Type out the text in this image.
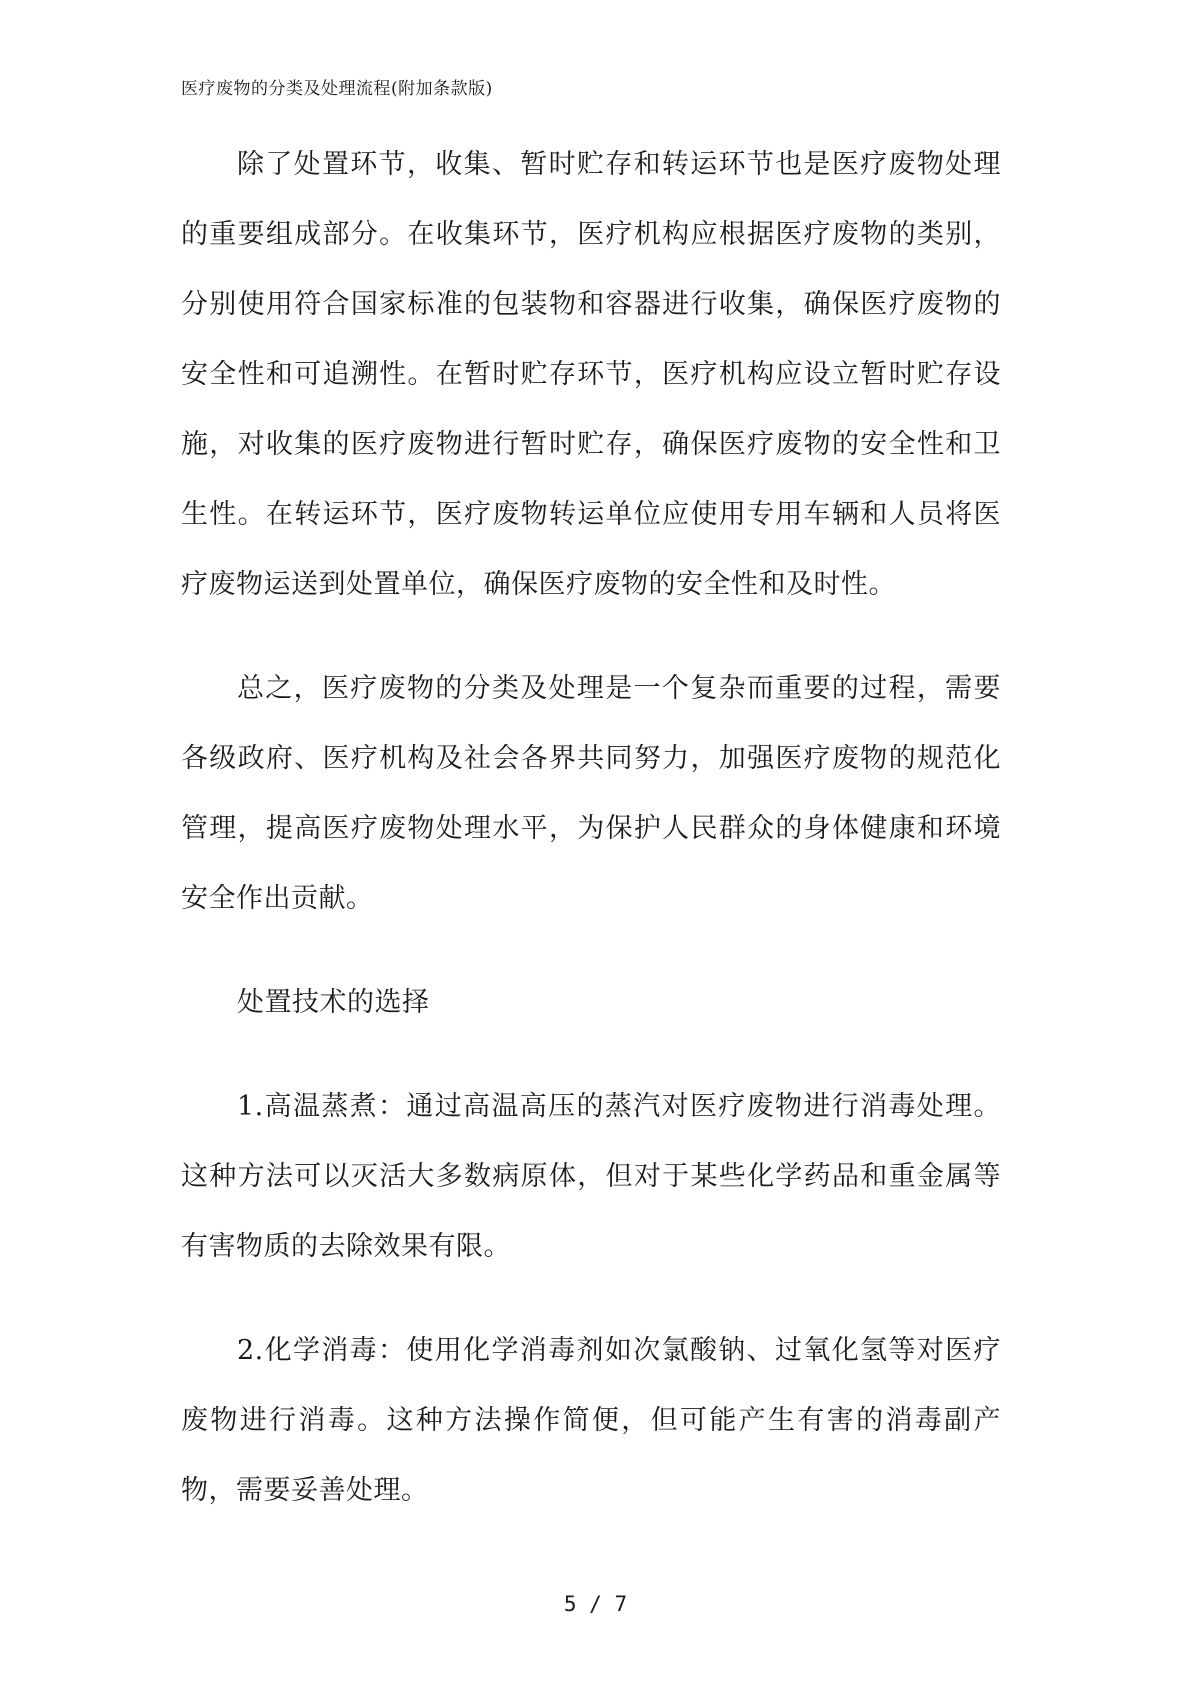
医疗废物的分类及处理流程(附加条款版)

除了处置环节，收集、暂时贮存和转运环节也是医疗废物处理的重要组成部分。在收集环节，医疗机构应根据医疗废物的类别，分别使用符合国家标准的包装物和容器进行收集，确保医疗废物的安全性和可追溯性。在暂时贮存环节，医疗机构应设立暂时贮存设施，对收集的医疗废物进行暂时贮存，确保医疗废物的安全性和卫生性。在转运环节，医疗废物转运单位应使用专用车辆和人员将医疗废物运送到处置单位，确保医疗废物的安全性和及时性。

总之，医疗废物的分类及处理是一个复杂而重要的过程，需要各级政府、医疗机构及社会各界共同努力，加强医疗废物的规范化管理，提高医疗废物处理水平，为保护人民群众的身体健康和环境安全作出贡献。

处置技术的选择

1.高温蒸煮：通过高温高压的蒸汽对医疗废物进行消毒处理。这种方法可以灭活大多数病原体，但对于某些化学药品和重金属等有害物质的去除效果有限。

2.化学消毒：使用化学消毒剂如次氯酸钠、过氧化氢等对医疗废物进行消毒。这种方法操作简便，但可能产生有害的消毒副产物，需要妥善处理。

5 / 7
